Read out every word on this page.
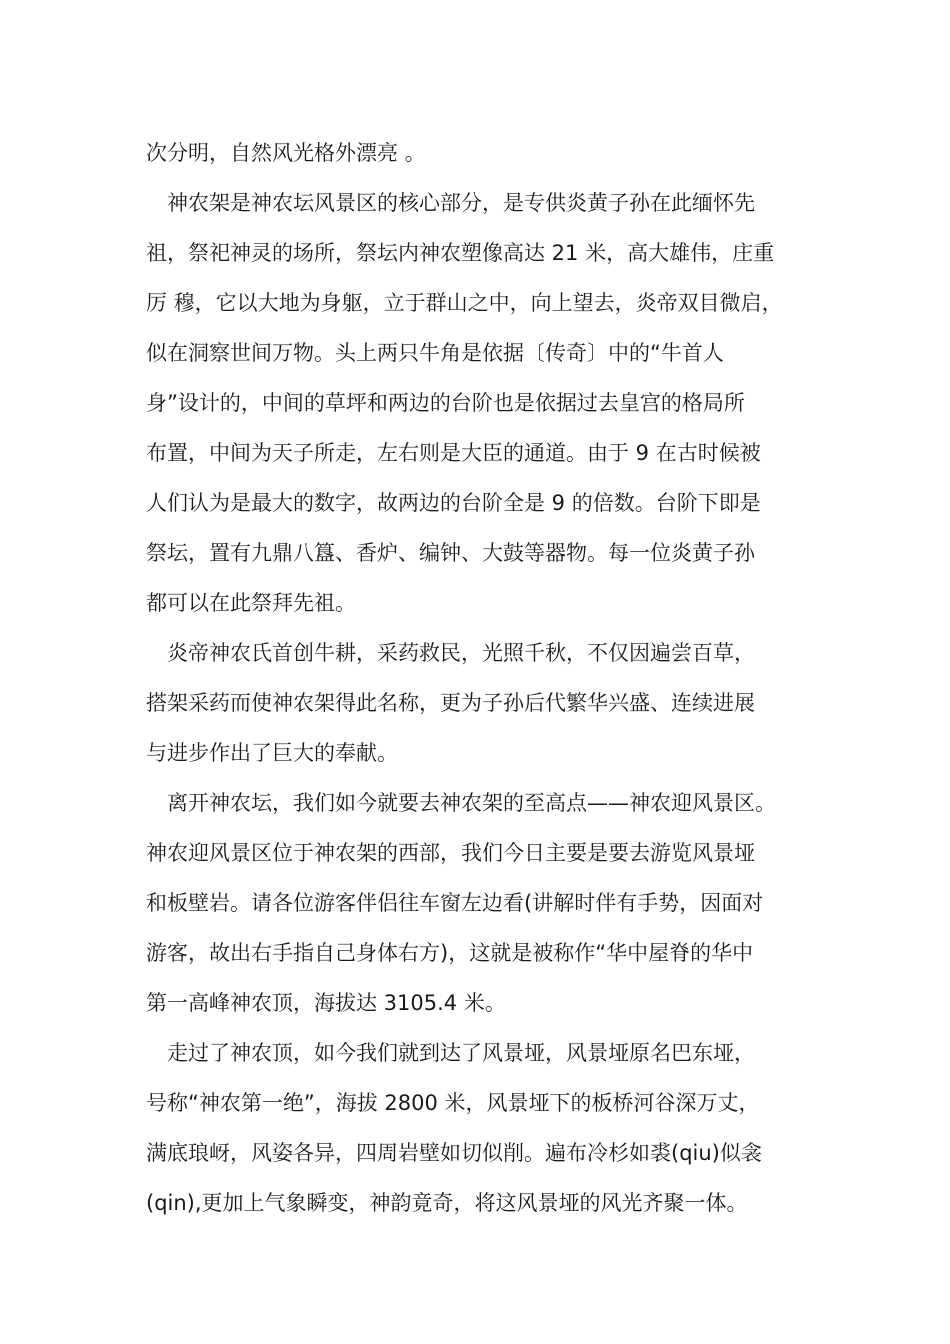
次分明，自然风光格外漂亮 。
神农架是神农坛风景区的核心部分，是专供炎黄子孙在此缅怀先
祖，祭祀神灵的场所，祭坛内神农塑像高达 21 米，高大雄伟，庄重
厉 穆，它以大地为身躯，立于群山之中，向上望去，炎帝双目微启，
似在洞察世间万物。头上两只牛角是依据〔传奇〕中的“牛首人
身”设计的，中间的草坪和两边的台阶也是依据过去皇宫的格局所
布置，中间为天子所走，左右则是大臣的通道。由于 9 在古时候被
人们认为是最大的数字，故两边的台阶全是 9 的倍数。台阶下即是
祭坛，置有九鼎八簋、香炉、编钟、大鼓等器物。每一位炎黄子孙
都可以在此祭拜先祖。
炎帝神农氏首创牛耕，采药救民，光照千秋，不仅因遍尝百草，
搭架采药而使神农架得此名称，更为子孙后代繁华兴盛、连续进展
与进步作出了巨大的奉献。
离开神农坛，我们如今就要去神农架的至高点——神农迎风景区。
神农迎风景区位于神农架的西部，我们今日主要是要去游览风景垭
和板壁岩。请各位游客伴侣往车窗左边看(讲解时伴有手势，因面对
游客，故出右手指自己身体右方)，这就是被称作“华中屋脊的华中
第一高峰神农顶，海拔达 3105.4 米。
走过了神农顶，如今我们就到达了风景垭，风景垭原名巴东垭，
号称“神农第一绝”，海拔 2800 米，风景垭下的板桥河谷深万丈，
满底琅岈，风姿各异，四周岩壁如切似削。遍布冷杉如裘(qiu)似衾
(qin),更加上气象瞬变，神韵竟奇，将这风景垭的风光齐聚一体。
